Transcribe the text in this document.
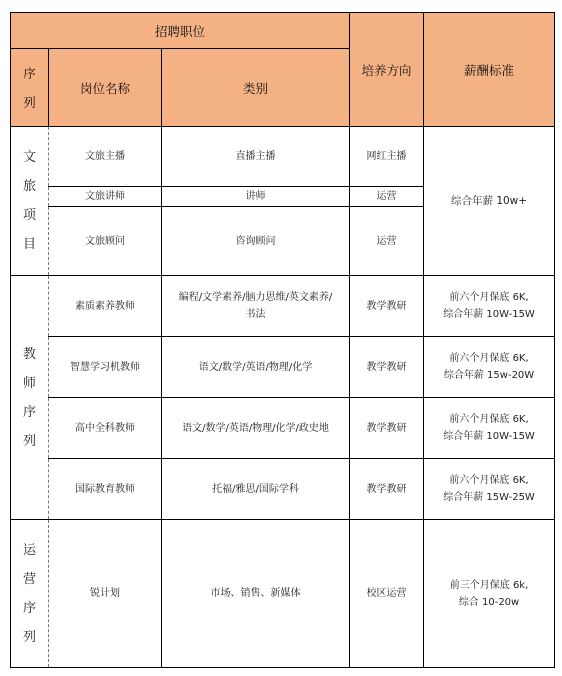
招聘职位			培养方向	薪酬标准

序
列	岗位名称	类别		

文
旅
项
目	文旅主播	直播主播	网红主播	综合年薪 10w+
	文旅讲师	讲师	运营	
	文旅顾问	咨询顾问	运营	

教
师
序
列	素质素养教师	编程/文学素养/脑力思维/英文素养/
书法	教学教研	前六个月保底 6K,
综合年薪 10W-15W

	智慧学习机教师	语文/数学/英语/物理/化学	教学教研	前六个月保底 6K,
综合年薪 15w-20W

	高中全科教师	语文/数学/英语/物理/化学/政史地	教学教研	前六个月保底 6K,
综合年薪 10W-15W

	国际教育教师	托福/雅思/国际学科	教学教研	前六个月保底 6K,
综合年薪 15W-25W

运
营
序
列	锐计划	市场、销售、新媒体	校区运营	前三个月保底 6k,
综合 10-20w
